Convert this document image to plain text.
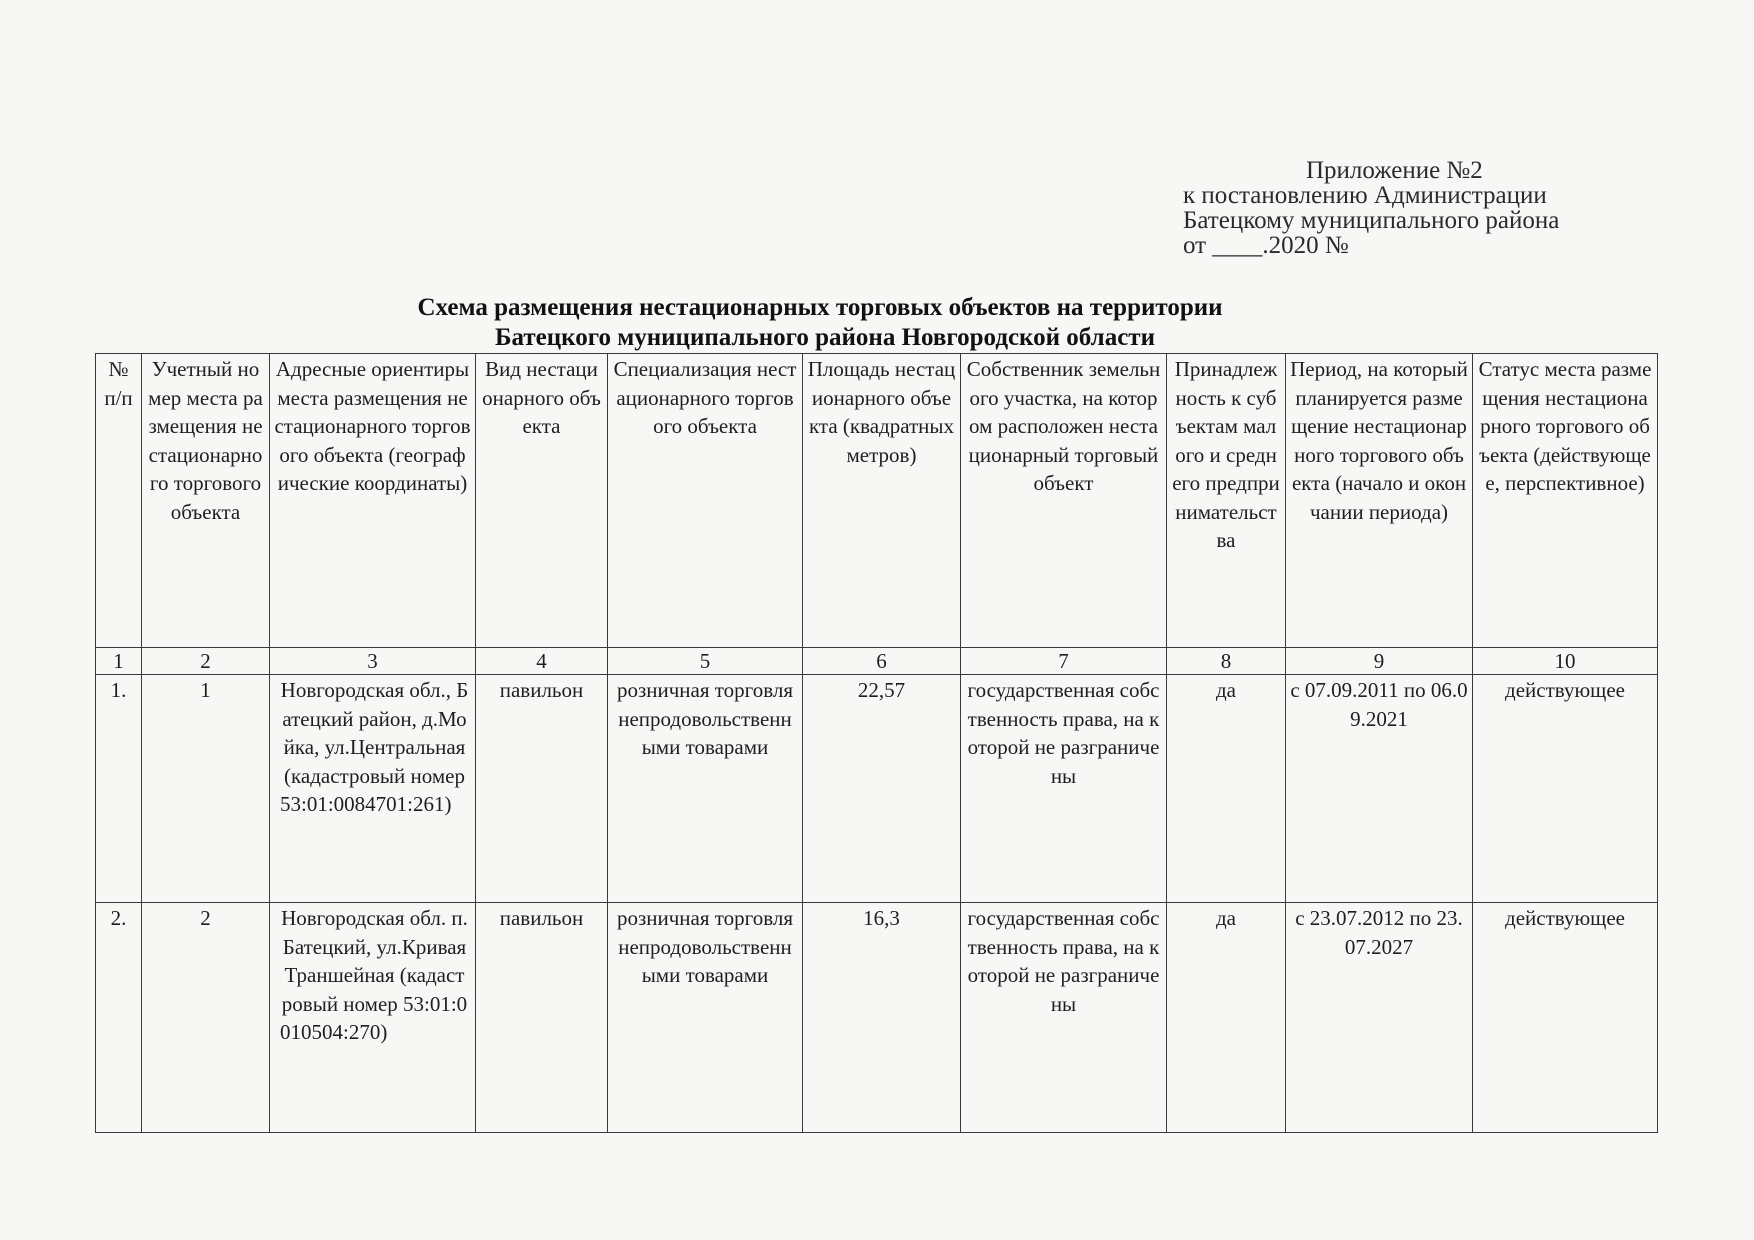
Приложение №2
к постановлению Администрации
Батецкому муниципального района
от ____.2020 №
Схема размещения нестационарных торговых объектов на территории
Батецкого муниципального района Новгородской области
№ п/п	Учетный номер места размещения нестационарного торгового объекта	Адресные ориентиры места размещения нестационарного торгового объекта (географические координаты)	Вид нестационарного объекта	Специализация нестационарного торгового объекта	Площадь нестационарного объекта (квадратных метров)	Собственник земельного участка, на котором расположен нестационарный торговый объект	Принадлежность к субъектам малого и среднего предпринимательства	Период, на который планируется размещение нестационарного торгового объекта (начало и окончании периода)	Статус места размещения нестационарного торгового объекта (действующее, перспективное)
1	2	3	4	5	6	7	8	9	10
1.	1	Новгородская обл., Батецкий район, д.Мойка, ул.Центральная (кадастровый номер 53:01:0084701:261)	павильон	розничная торговля непродовольственными товарами	22,57	государственная собственность права, на которой не разграничены	да	с 07.09.2011 по 06.09.2021	действующее
2.	2	Новгородская обл. п.Батецкий, ул.Кривая Траншейная (кадастровый номер 53:01:0010504:270)	павильон	розничная торговля непродовольственными товарами	16,3	государственная собственность права, на которой не разграничены	да	с 23.07.2012 по 23.07.2027	действующее
